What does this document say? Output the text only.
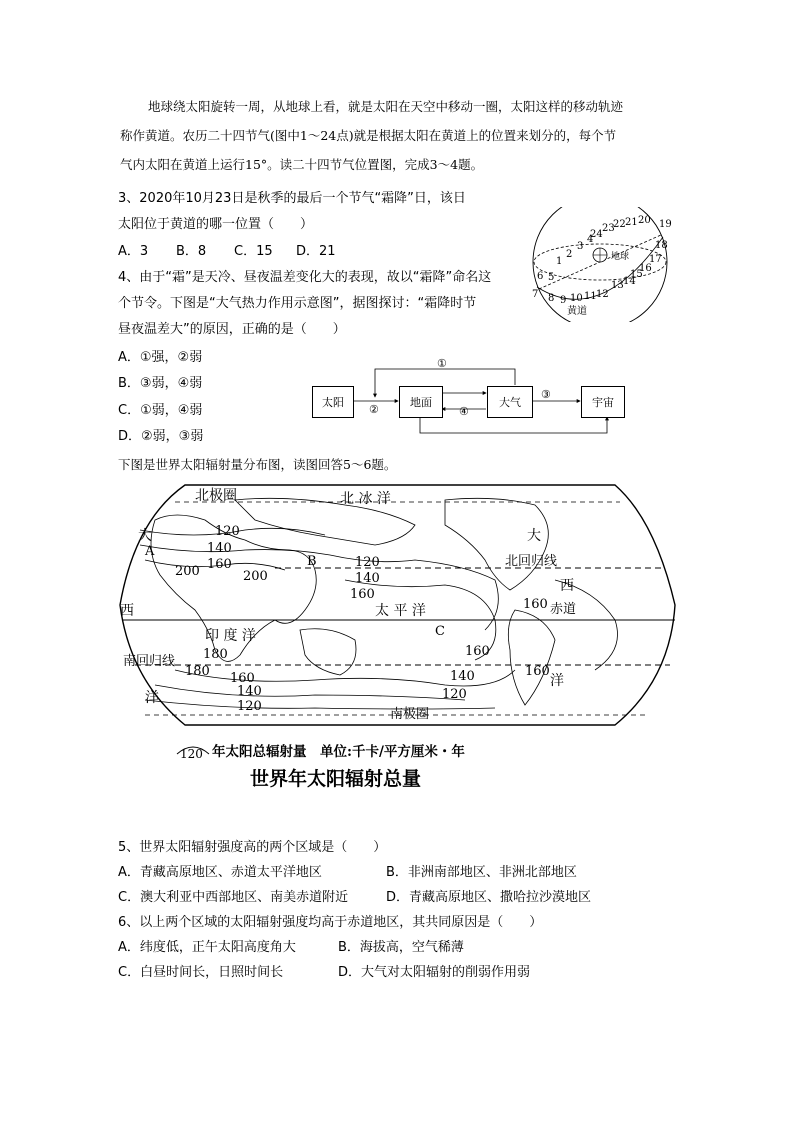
地球绕太阳旋转一周，从地球上看，就是太阳在天空中移动一圈，太阳这样的移动轨迹
称作黄道。农历二十四节气(图中1～24点)就是根据太阳在黄道上的位置来划分的，每个节
气内太阳在黄道上运行15°。读二十四节气位置图，完成3～4题。
3、2020年10月23日是秋季的最后一个节气“霜降”日，该日
太阳位于黄道的哪一位置（　　）
A．3 B．8 C．15 D．21	地球
黄道
1
2
3
4
5
6
7 8 9 10 11 12
13 14
15
16
17
18
19
20
21
22
23
24
4、由于“霜”是天冷、昼夜温差变化大的表现，故以“霜降”命名这
个节令。下图是“大气热力作用示意图”，据图探讨：“霜降时节
昼夜温差大”的原因，正确的是（　　）
A．①强，②弱
B．③弱，④弱
C．①弱，④弱
D．②弱，③弱
太阳	地面	大气	宇宙
①
②
③
④
下图是世界太阳辐射量分布图，读图回答5～6题。
北极圈	北 冰 洋
大	大
A
B
C
西
西
北回归线
赤道
太 平 洋
印 度 洋
南回归线
洋
洋
南极圈
120
140
160
200	200
120
140
160
160
180
180 160
140
120
140
120
160
160
120 年太阳总辐射量　单位:千卡/平方厘米・年
世界年太阳辐射总量
5、世界太阳辐射强度高的两个区域是（　　）
A．青藏高原地区、赤道太平洋地区	B．非洲南部地区、非洲北部地区
C．澳大利亚中西部地区、南美赤道附近	D．青藏高原地区、撒哈拉沙漠地区
6、以上两个区域的太阳辐射强度均高于赤道地区，其共同原因是（　　）
A．纬度低，正午太阳高度角大	B．海拔高，空气稀薄
C．白昼时间长，日照时间长	D．大气对太阳辐射的削弱作用弱
